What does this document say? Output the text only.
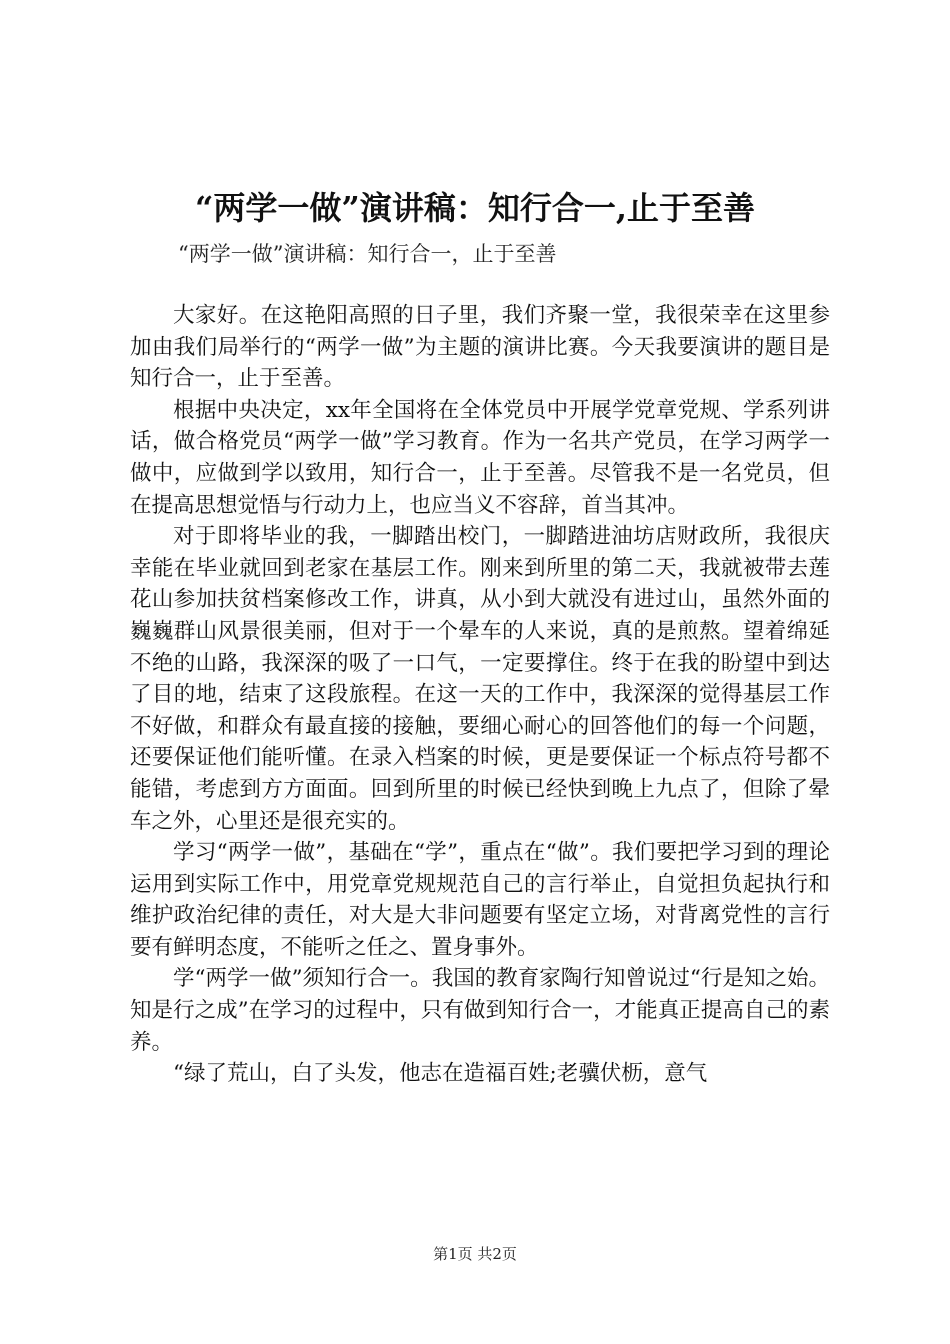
“两学一做”演讲稿：知行合一,止于至善
“两学一做”演讲稿：知行合一，止于至善

大家好。在这艳阳高照的日子里，我们齐聚一堂，我很荣幸在这里参加由我们局举行的“两学一做”为主题的演讲比赛。今天我要演讲的题目是知行合一，止于至善。

根据中央决定，xx年全国将在全体党员中开展学党章党规、学系列讲话，做合格党员“两学一做”学习教育。作为一名共产党员，在学习两学一做中，应做到学以致用，知行合一，止于至善。尽管我不是一名党员，但在提高思想觉悟与行动力上，也应当义不容辞，首当其冲。

对于即将毕业的我，一脚踏出校门，一脚踏进油坊店财政所，我很庆幸能在毕业就回到老家在基层工作。刚来到所里的第二天，我就被带去莲花山参加扶贫档案修改工作，讲真，从小到大就没有进过山，虽然外面的巍巍群山风景很美丽，但对于一个晕车的人来说，真的是煎熬。望着绵延不绝的山路，我深深的吸了一口气，一定要撑住。终于在我的盼望中到达了目的地，结束了这段旅程。在这一天的工作中，我深深的觉得基层工作不好做，和群众有最直接的接触，要细心耐心的回答他们的每一个问题，还要保证他们能听懂。在录入档案的时候，更是要保证一个标点符号都不能错，考虑到方方面面。回到所里的时候已经快到晚上九点了，但除了晕车之外，心里还是很充实的。

学习“两学一做”，基础在“学”，重点在“做”。我们要把学习到的理论运用到实际工作中，用党章党规规范自己的言行举止，自觉担负起执行和维护政治纪律的责任，对大是大非问题要有坚定立场，对背离党性的言行要有鲜明态度，不能听之任之、置身事外。

学“两学一做”须知行合一。我国的教育家陶行知曾说过“行是知之始。知是行之成”在学习的过程中，只有做到知行合一，才能真正提高自己的素养。

“绿了荒山，白了头发，他志在造福百姓;老骥伏枥，意气

第1页 共2页
